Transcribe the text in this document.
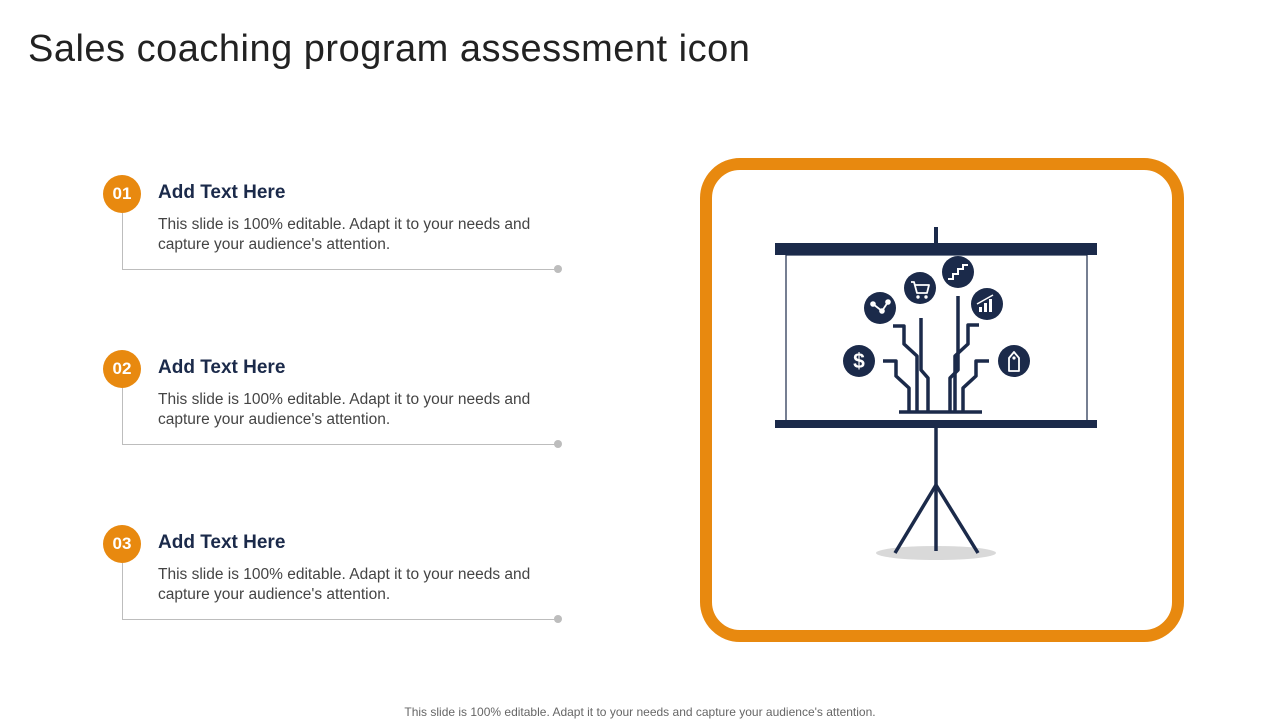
Sales coaching program assessment icon
01	Add Text Here
This slide is 100% editable. Adapt it to your needs and capture your audience's attention.
02	Add Text Here
This slide is 100% editable. Adapt it to your needs and capture your audience's attention.
03	Add Text Here
This slide is 100% editable. Adapt it to your needs and capture your audience's attention.
$
This slide is 100% editable. Adapt it to your needs and capture your audience's attention.
